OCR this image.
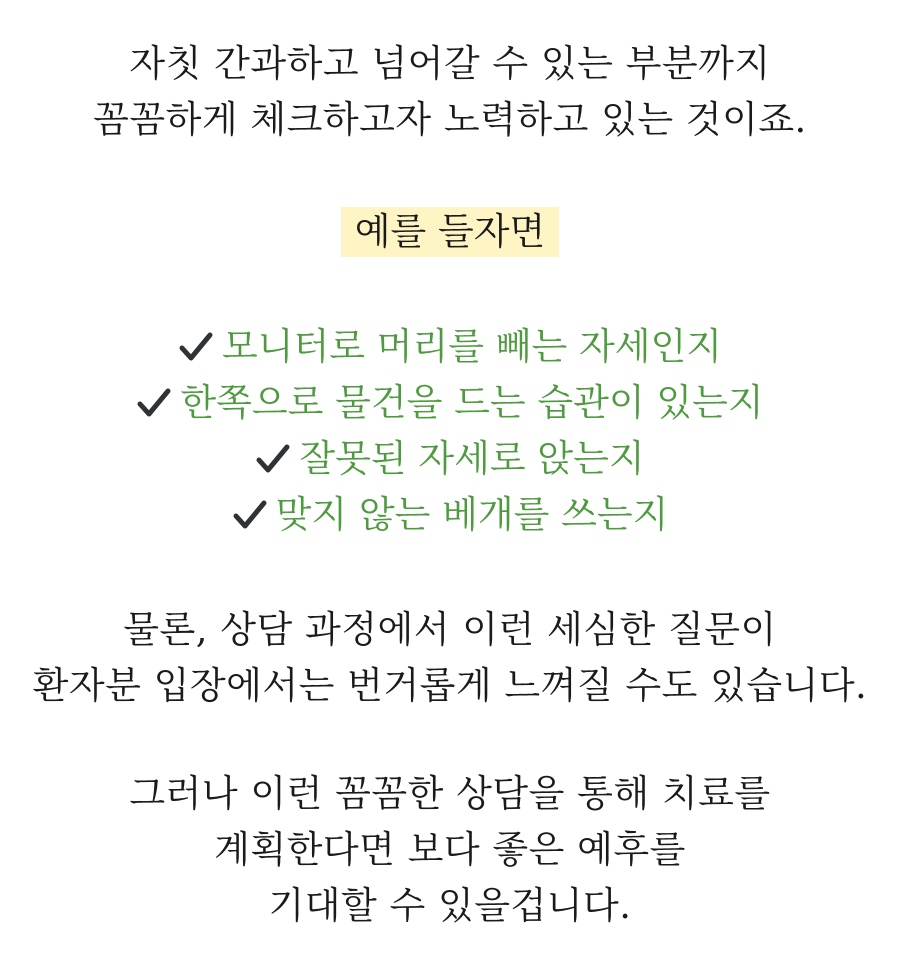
자칫 간과하고 넘어갈 수 있는 부분까지
꼼꼼하게 체크하고자 노력하고 있는 것이죠.
예를 들자면
모니터로 머리를 빼는 자세인지
한쪽으로 물건을 드는 습관이 있는지
잘못된 자세로 앉는지
맞지 않는 베개를 쓰는지
물론, 상담 과정에서 이런 세심한 질문이
환자분 입장에서는 번거롭게 느껴질 수도 있습니다.
그러나 이런 꼼꼼한 상담을 통해 치료를
계획한다면 보다 좋은 예후를
기대할 수 있을겁니다.
